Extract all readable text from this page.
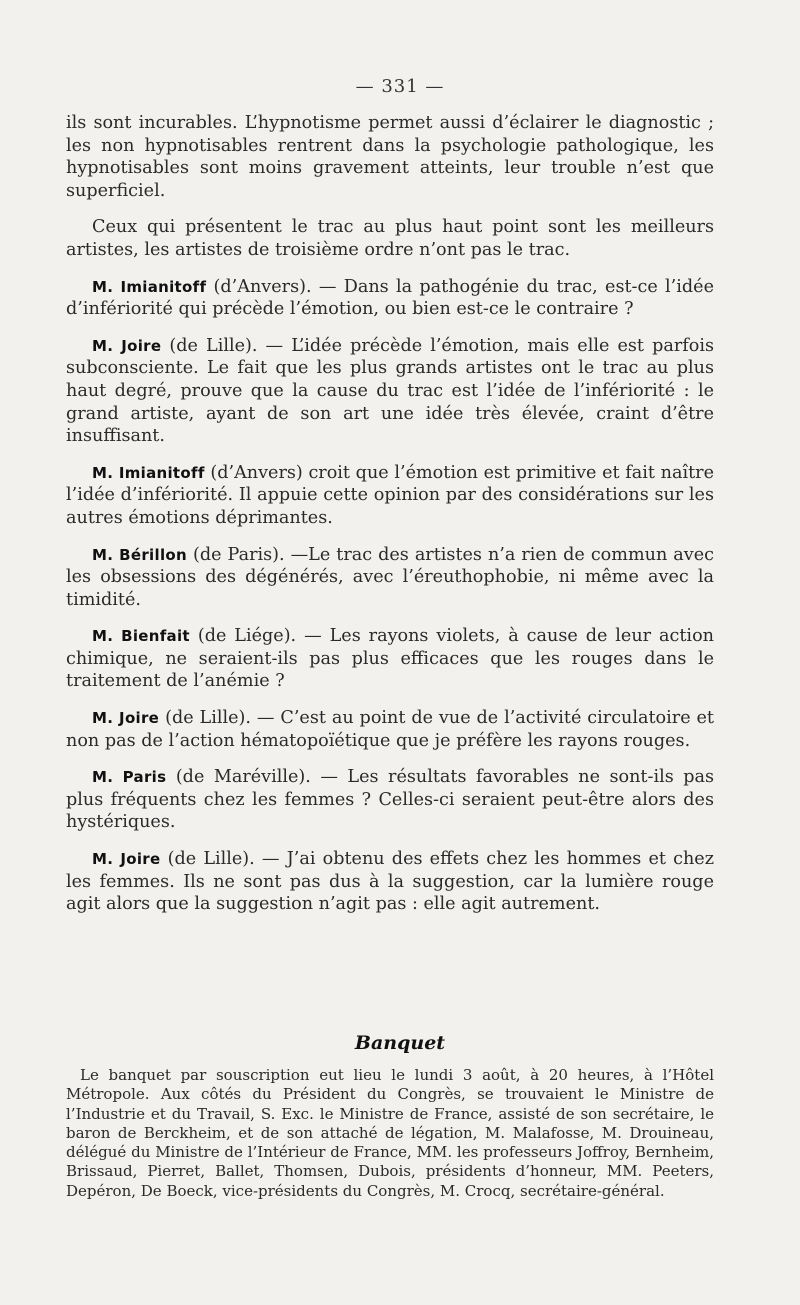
— 331 —

ils sont incurables. L’hypnotisme permet aussi d’éclairer le diagnostic ; les non hypnotisables rentrent dans la psychologie pathologique, les hypnotisables sont moins gravement atteints, leur trouble n’est que superficiel.

Ceux qui présentent le trac au plus haut point sont les meilleurs artistes, les artistes de troisième ordre n’ont pas le trac.

M. Imianitoff (d’Anvers). — Dans la pathogénie du trac, est-ce l’idée d’infériorité qui précède l’émotion, ou bien est-ce le contraire ?

M. Joire (de Lille). — L’idée précède l’émotion, mais elle est parfois subconsciente. Le fait que les plus grands artistes ont le trac au plus haut degré, prouve que la cause du trac est l’idée de l’infériorité : le grand artiste, ayant de son art une idée très élevée, craint d’être insuffisant.

M. Imianitoff (d’Anvers) croit que l’émotion est primitive et fait naître l’idée d’infériorité. Il appuie cette opinion par des considérations sur les autres émotions déprimantes.

M. Bérillon (de Paris). —Le trac des artistes n’a rien de commun avec les obsessions des dégénérés, avec l’éreuthophobie, ni même avec la timidité.

M. Bienfait (de Liége). — Les rayons violets, à cause de leur action chimique, ne seraient-ils pas plus efficaces que les rouges dans le traitement de l’anémie ?

M. Joire (de Lille). — C’est au point de vue de l’activité circulatoire et non pas de l’action hématopoïétique que je préfère les rayons rouges.

M. Paris (de Maréville). — Les résultats favorables ne sont-ils pas plus fréquents chez les femmes ? Celles-ci seraient peut-être alors des hystériques.

M. Joire (de Lille). — J’ai obtenu des effets chez les hommes et chez les femmes. Ils ne sont pas dus à la suggestion, car la lumière rouge agit alors que la suggestion n’agit pas : elle agit autrement.

Banquet

Le banquet par souscription eut lieu le lundi 3 août, à 20 heures, à l’Hôtel Métropole. Aux côtés du Président du Congrès, se trouvaient le Ministre de l’Industrie et du Travail, S. Exc. le Ministre de France, assisté de son secrétaire, le baron de Berckheim, et de son attaché de légation, M. Malafosse, M. Drouineau, délégué du Ministre de l’Intérieur de France, MM. les professeurs Joffroy, Bernheim, Brissaud, Pierret, Ballet, Thomsen, Dubois, présidents d’honneur, MM. Peeters, Depéron, De Boeck, vice-présidents du Congrès, M. Crocq, secrétaire-général.
